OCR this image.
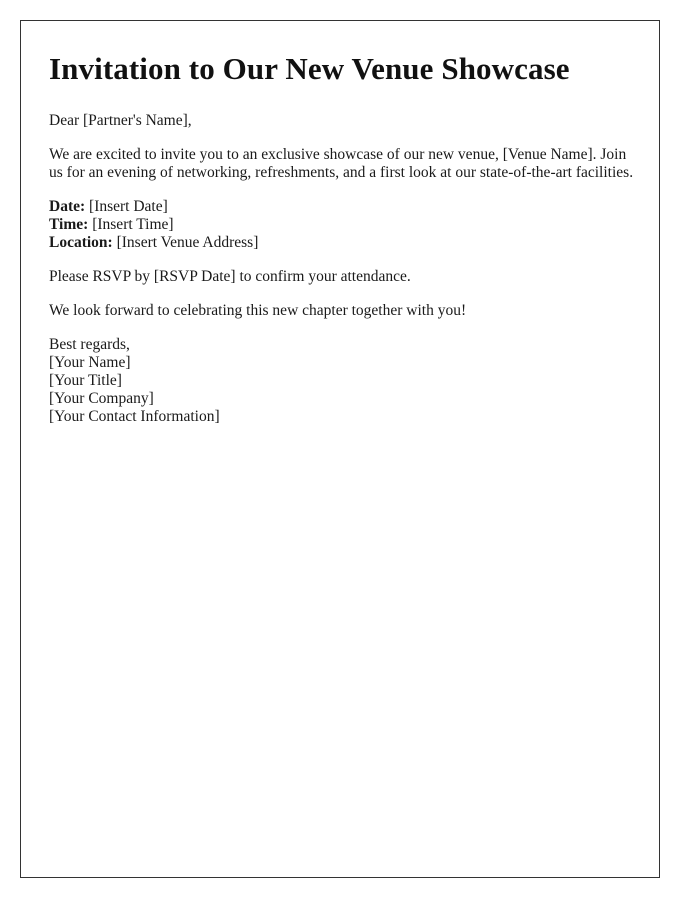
Invitation to Our New Venue Showcase

Dear [Partner's Name],

We are excited to invite you to an exclusive showcase of our new venue, [Venue Name]. Join us for an evening of networking, refreshments, and a first look at our state-of-the-art facilities.

Date: [Insert Date]

Time: [Insert Time]

Location: [Insert Venue Address]

Please RSVP by [RSVP Date] to confirm your attendance.

We look forward to celebrating this new chapter together with you!

Best regards,

[Your Name]

[Your Title]

[Your Company]

[Your Contact Information]
